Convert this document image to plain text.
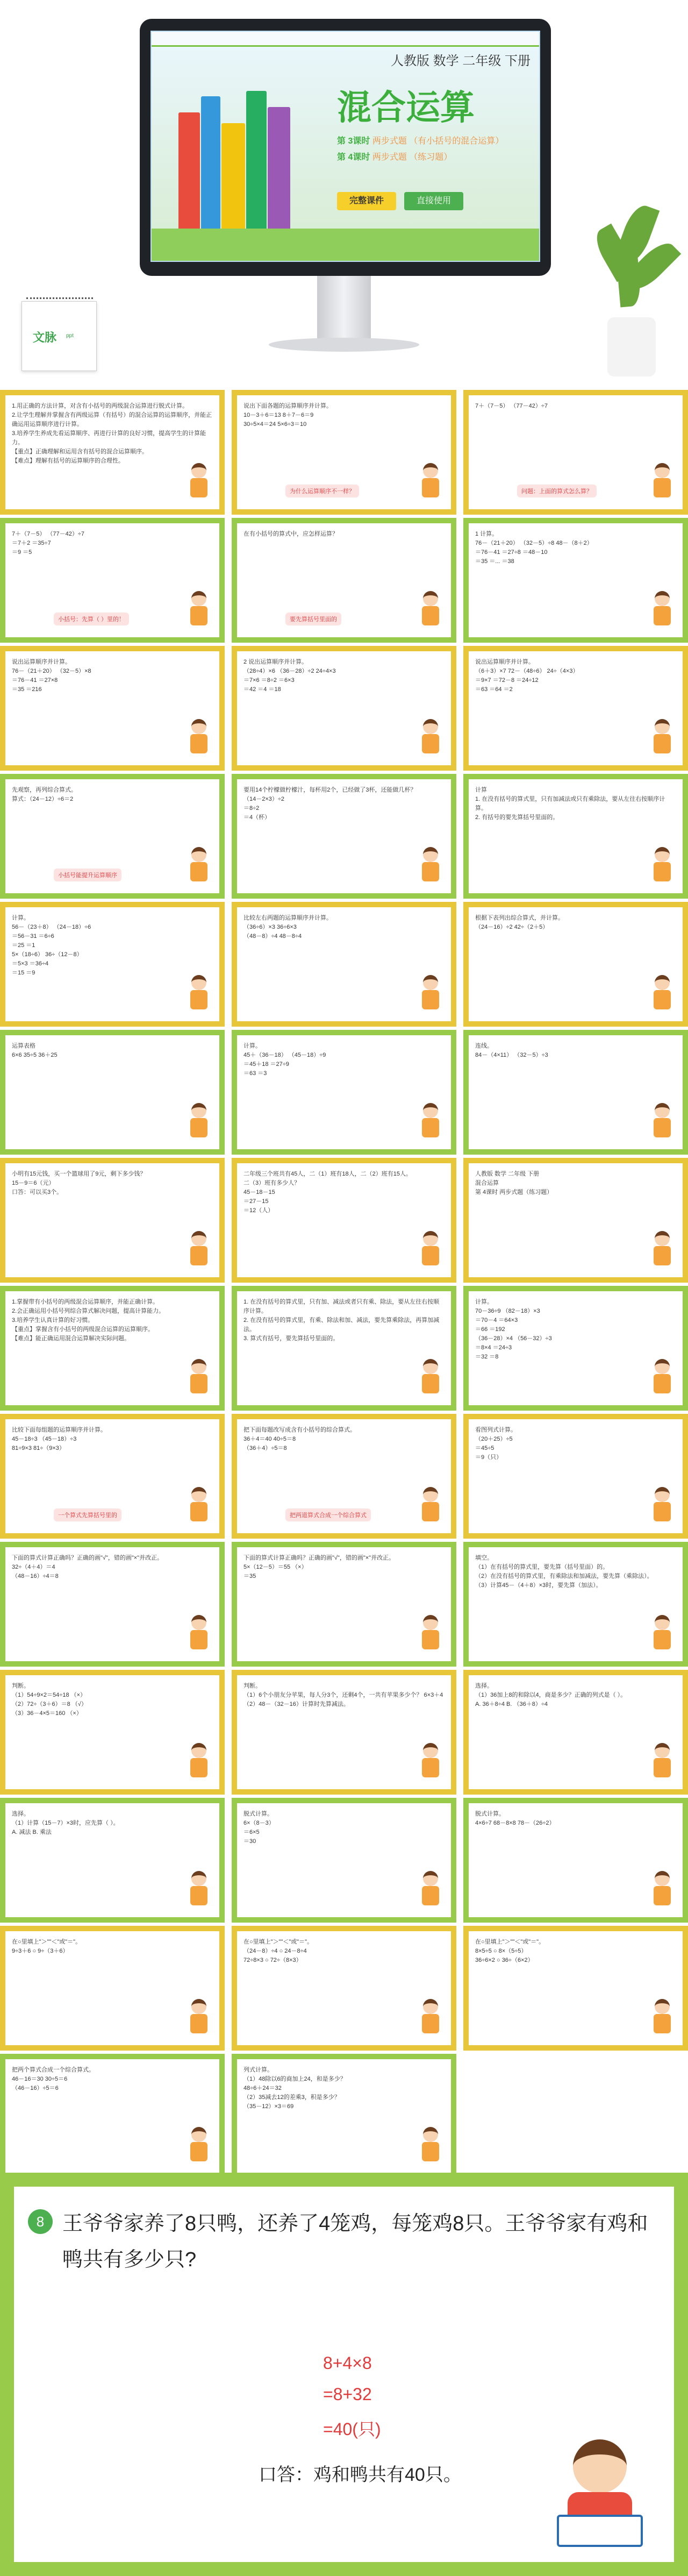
人教版 数学 二年级 下册
混合运算
第 3课时 两步式题 （有小括号的混合运算）
第 4课时 两步式题 （练习题）
完整课件	直接使用
文脉 ppt
1.用正确的方法计算，对含有小括号的两级混合运算进行脱式计算。
2.让学生理解并掌握含有两级运算（有括号）的混合运算的运算顺序，并能正确运用运算顺序进行计算。
3.培养学生养成先看运算顺序、再进行计算的良好习惯，提高学生的计算能力。
【重点】正确理解和运用含有括号的混合运算顺序。
【难点】理解有括号的运算顺序的合理性。
说出下面各题的运算顺序并计算。
10－3＋6＝13 8＋7－6＝9
30÷5×4＝24 5×6÷3＝10
为什么运算顺序不一样？
7＋（7－5） （77－42）÷7
问题：上面的算式怎么算？
7＋（7－5） （77－42）÷7
＝7＋2 ＝35÷7
＝9 ＝5
小括号：先算（ ）里的！
在有小括号的算式中，应怎样运算？
要先算括号里面的
1 计算。
76－（21＋20） （32－5）÷8 48－（8＋2）
＝76－41 ＝27÷8 ＝48－10
＝35 ＝... ＝38
说出运算顺序并计算。
76－（21＋20） （32－5）×8
＝76－41 ＝27×8
＝35 ＝216
2 说出运算顺序并计算。
（28÷4）×6 （36－28）÷2 24÷4×3
＝7×6 ＝8÷2 ＝6×3
＝42 ＝4 ＝18
说出运算顺序并计算。
（6＋3）×7 72－（48÷6） 24÷（4×3）
＝9×7 ＝72－8 ＝24÷12
＝63 ＝64 ＝2
先观察，再列综合算式。
算式：（24－12）÷6＝2
小括号能提升运算顺序
要用14个柠檬做柠檬汁，每杯用2个，已经做了3杯，还能做几杯？
（14－2×3）÷2
＝8÷2
＝4（杯）
计算
1. 在没有括号的算式里，只有加减法或只有乘除法，要从左往右按顺序计算。
2. 有括号的要先算括号里面的。
计算。
56－（23＋8） （24－18）÷6
＝56－31 ＝6÷6
＝25 ＝1
5×（18÷6） 36÷（12－8）
＝5×3 ＝36÷4
＝15 ＝9
比较左右两题的运算顺序并计算。
（36÷6）×3 36÷6×3
（48－8）÷4 48－8÷4
根据下表列出综合算式，并计算。
（24－16）÷2 42÷（2＋5）
运算表格
6×6 35÷5 36＋25
计算。
45＋（36－18） （45－18）÷9
＝45＋18 ＝27÷9
＝63 ＝3
连线。
84－（4×11） （32－5）÷3
小明有15元钱，买一个篮球用了9元，剩下多少钱？
15－9＝6（元）
口答：可以买3个。
二年级三个班共有45人，二（1）班有18人，二（2）班有15人。
二（3）班有多少人？
45－18－15
＝27－15
＝12（人）
人教版 数学 二年级 下册
混合运算
第 4课时 两步式题（练习题）
1.掌握带有小括号的两级混合运算顺序，并能正确计算。
2.会正确运用小括号列综合算式解决问题，提高计算能力。
3.培养学生认真计算的好习惯。
【重点】掌握含有小括号的两级混合运算的运算顺序。
【难点】能正确运用混合运算解决实际问题。
1. 在没有括号的算式里，只有加、减法或者只有乘、除法，要从左往右按顺序计算。
2. 在没有括号的算式里，有乘、除法和加、减法，要先算乘除法，再算加减法。
3. 算式有括号，要先算括号里面的。
计算。
70－36÷9 （82－18）×3
＝70－4 ＝64×3
＝66 ＝192
（36－28）×4 （56－32）÷3
＝8×4 ＝24÷3
＝32 ＝8
比较下面每组题的运算顺序并计算。
45－18÷3 （45－18）÷3
81÷9×3 81÷（9×3）
一个算式先算括号里的
把下面每题改写成含有小括号的综合算式。
36＋4＝40 40÷5＝8
（36＋4）÷5＝8
把两道算式合成一个综合算式
看图列式计算。
（20＋25）÷5
＝45÷5
＝9（只）
下面的算式计算正确吗？正确的画"√"，错的画"×"并改正。
32÷（4＋4）＝4
（48－16）÷4＝8
下面的算式计算正确吗？正确的画"√"，错的画"×"并改正。
5×（12－5）＝55 （×）
＝35
填空。
（1）在有括号的算式里，要先算（括号里面）的。
（2）在没有括号的算式里，有乘除法和加减法，要先算（乘除法）。
（3）计算45－（4＋8）×3时，要先算（加法）。
判断。
（1）54÷9×2＝54÷18 （×）
（2）72÷（3＋6）＝8 （√）
（3）36－4×5＝160 （×）
判断。
（1）6个小朋友分苹果，每人分3个，还剩4个，一共有苹果多少个？ 6×3＋4
（2）48－（32－16）计算时先算减法。
选择。
（1）36加上8的和除以4，商是多少？正确的列式是（ ）。
A. 36＋8÷4 B. （36＋8）÷4
选择。
（1）计算（15－7）×3时，应先算（ ）。
A. 减法 B. 乘法
脱式计算。
6×（8－3）
＝6×5
＝30
脱式计算。
4×6÷7 68－8×8 78－（26÷2）
在○里填上"＞""＜"或"＝"。
9÷3＋6 ○ 9÷（3＋6）
在○里填上"＞""＜"或"＝"。
（24－8）÷4 ○ 24－8÷4
72÷8×3 ○ 72÷（8×3）
在○里填上"＞""＜"或"＝"。
8×5÷5 ○ 8×（5÷5）
36÷6×2 ○ 36÷（6×2）
把两个算式合成一个综合算式。
46－16＝30 30÷5＝6
（46－16）÷5＝6
列式计算。
（1）48除以6的商加上24，和是多少？
48÷6＋24＝32
（2）35减去12的差乘3，积是多少？
（35－12）×3＝69
8 王爷爷家养了8只鸭，还养了4笼鸡，每笼鸡8只。王爷爷家有鸡和鸭共有多少只?
8+4×8
=8+32
=40(只)
口答：鸡和鸭共有40只。
